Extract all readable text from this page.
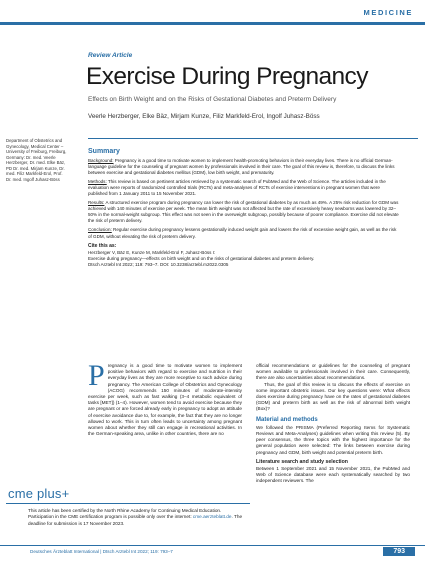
MEDICINE
Review Article
Exercise During Pregnancy
Effects on Birth Weight and on the Risks of Gestational Diabetes and Preterm Delivery
Veerle Herzberger, Elke Bäz, Mirjam Kunze, Filiz Markfeld-Erol, Ingolf Juhasz-Böss
Department of Obstetrics and Gynecology, Medical Center – University of Freiburg, Freiburg, Germany: Dr. med. Veerle Herzberger, Dr. med. Elke Bäz, PD Dr. med. Mirjam Kunze, Dr. med. Filiz Markfeld-Erol, Prof. Dr. med. Ingolf Juhasz-Böss
Summary

Background: Pregnancy is a good time to motivate women to implement health-promoting behaviors in their everyday lives. There is no official German-language guideline for the counseling of pregnant women by professionals involved in their care. The goal of this review is, therefore, to discuss the links between exercise and gestational diabetes mellitus (GDM), low birth weight, and prematurity.

Methods: This review is based on pertinent articles retrieved by a systematic search of PubMed and the Web of Science. The articles included in the evaluation were reports of randomized controlled trials (RCTs) and meta-analyses of RCTs of exercise interventions in pregnant women that were published from 1 January 2011 to 15 November 2021.

Results: A structured exercise program during pregnancy can lower the risk of gestational diabetes by as much as 49%. A 25% risk reduction for GDM was achieved with 140 minutes of exercise per week. The mean birth weight was not affected but the rate of excessively heavy newborns was lowered by 32–50% in the normal-weight subgroup. This effect was not seen in the overweight subgroup, possibly because of poorer compliance. Exercise did not elevate the risk of preterm delivery.

Conclusion: Regular exercise during pregnancy lessens gestationally induced weight gain and lowers the risk of excessive weight gain, as well as the risk of GDM, without elevating the risk of preterm delivery.

Cite this as:
Herzberger V, Bäz E, Kunze M, Markfeld-Erol F, Juhasz-Böss I:
Exercise during pregnancy—effects on birth weight and on the risks of gestational diabetes and preterm delivery.
Dtsch Arztebl Int 2022; 119: 793–7. DOI: 10.3238/arztebl.m2022.0305

Pregnancy is a good time to motivate women to implement positive behaviors with regard to exercise and nutrition in their everyday lives as they are more receptive to such advice during pregnancy. The American College of Obstetrics and Gynecology (ACOG) recommends 150 minutes of moderate-intensity exercise per week, such as fast walking (3–4 metabolic equivalent of tasks [MET]) (1–4). However, women tend to avoid exercise because they are pregnant or are forced already early in pregnancy to adopt an attitude of exercise avoidance due to, for example, the fact that they are no longer allowed to work. This in turn often leads to uncertainty among pregnant women about whether they still can engage in recreational activities. In the German-speaking area, unlike in other countries, there are no

official recommendations or guidelines for the counseling of pregnant women available to professionals involved in their care. Consequently, there are also uncertainties about recommendations.

Thus, the goal of this review is to discuss the effects of exercise on some important obstetric issues. Our key questions were: What effects does exercise during pregnancy have on the rates of gestational diabetes (GDM) and preterm birth as well as the risk of abnormal birth weight (Box)?

Material and methods

We followed the PRISMA (Preferred Reporting Items for Systematic Reviews and Meta-Analyses) guidelines when writing this review (5). By peer consensus, the three topics with the highest importance for the general population were selected: The links between exercise during pregnancy and GDM, birth weight and potential preterm birth.

Literature search and study selection

Between 1 September 2021 and 15 November 2021, the PubMed and Web of Science database were each systematically searched by two independent reviewers. The

cme plus+
This article has been certified by the North Rhine Academy for Continuing Medical Education. Participation in the CME certification program is possible only over the internet: cme.aerzteblatt.de. The deadline for submission is 17 November 2023.
Deutsches Ärzteblatt International | Dtsch Arztebl Int 2022; 119: 793–7	793
